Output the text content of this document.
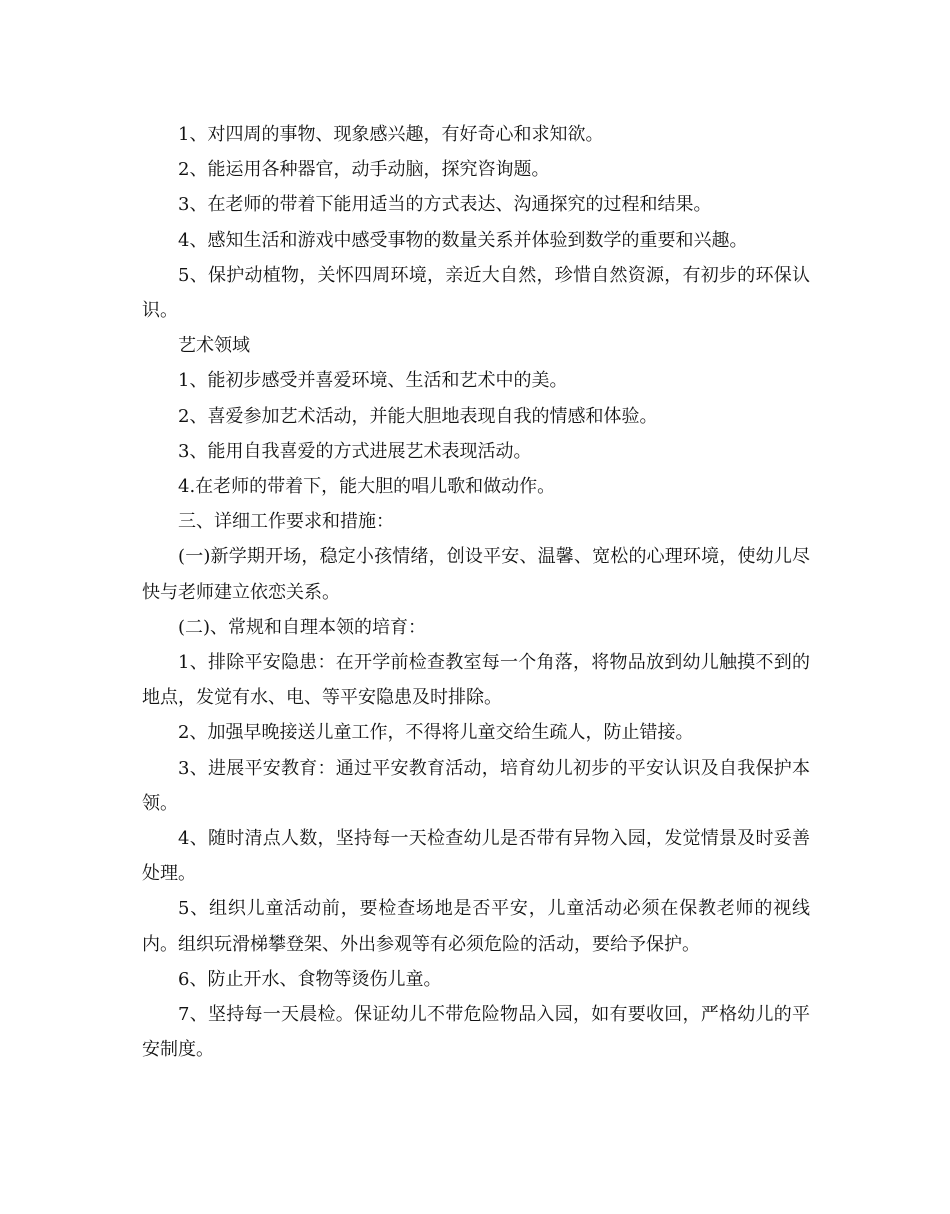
1、对四周的事物、现象感兴趣，有好奇心和求知欲。

2、能运用各种器官，动手动脑，探究咨询题。

3、在老师的带着下能用适当的方式表达、沟通探究的过程和结果。

4、感知生活和游戏中感受事物的数量关系并体验到数学的重要和兴趣。

5、保护动植物，关怀四周环境，亲近大自然，珍惜自然资源，有初步的环保认识。

艺术领域

1、能初步感受并喜爱环境、生活和艺术中的美。

2、喜爱参加艺术活动，并能大胆地表现自我的情感和体验。

3、能用自我喜爱的方式进展艺术表现活动。

4.在老师的带着下，能大胆的唱儿歌和做动作。

三、详细工作要求和措施：

(一)新学期开场，稳定小孩情绪，创设平安、温馨、宽松的心理环境，使幼儿尽快与老师建立依恋关系。

(二)、常规和自理本领的培育：

1、排除平安隐患：在开学前检查教室每一个角落，将物品放到幼儿触摸不到的地点，发觉有水、电、等平安隐患及时排除。

2、加强早晚接送儿童工作，不得将儿童交给生疏人，防止错接。

3、进展平安教育：通过平安教育活动，培育幼儿初步的平安认识及自我保护本领。

4、随时清点人数，坚持每一天检查幼儿是否带有异物入园，发觉情景及时妥善处理。

5、组织儿童活动前，要检查场地是否平安，儿童活动必须在保教老师的视线内。组织玩滑梯攀登架、外出参观等有必须危险的活动，要给予保护。

6、防止开水、食物等烫伤儿童。

7、坚持每一天晨检。保证幼儿不带危险物品入园，如有要收回，严格幼儿的平安制度。
